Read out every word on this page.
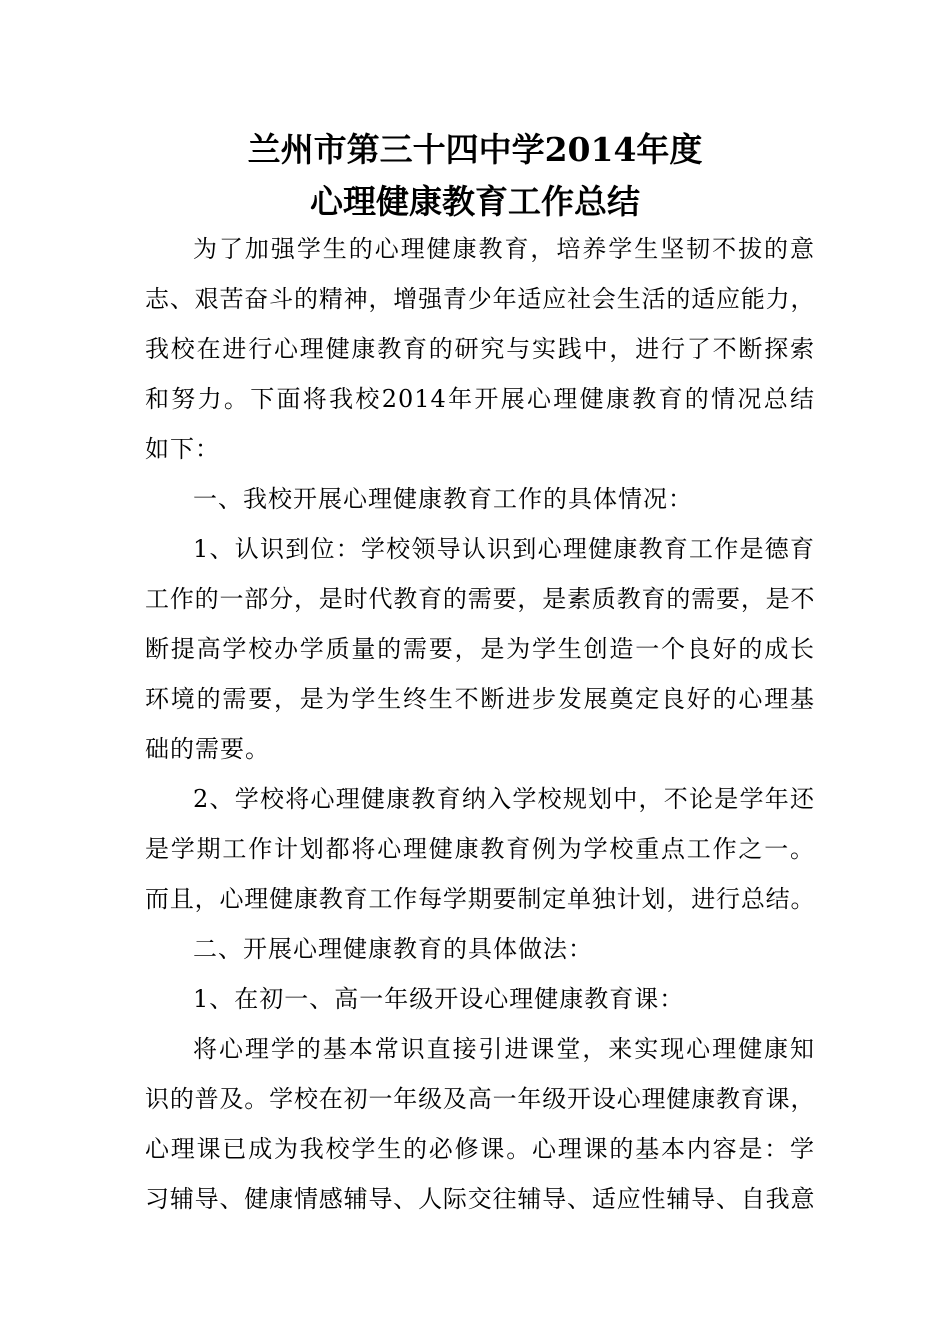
兰州市第三十四中学2014年度
心理健康教育工作总结

为了加强学生的心理健康教育，培养学生坚韧不拔的意

志、艰苦奋斗的精神，增强青少年适应社会生活的适应能力，

我校在进行心理健康教育的研究与实践中，进行了不断探索

和努力。下面将我校2014年开展心理健康教育的情况总结

如下：

一、我校开展心理健康教育工作的具体情况：

1、认识到位：学校领导认识到心理健康教育工作是德育

工作的一部分，是时代教育的需要，是素质教育的需要，是不

断提高学校办学质量的需要，是为学生创造一个良好的成长

环境的需要，是为学生终生不断进步发展奠定良好的心理基

础的需要。

2、学校将心理健康教育纳入学校规划中，不论是学年还

是学期工作计划都将心理健康教育例为学校重点工作之一。

而且，心理健康教育工作每学期要制定单独计划，进行总结。

二、开展心理健康教育的具体做法：

1、在初一、高一年级开设心理健康教育课：

将心理学的基本常识直接引进课堂，来实现心理健康知

识的普及。学校在初一年级及高一年级开设心理健康教育课，

心理课已成为我校学生的必修课。心理课的基本内容是：学

习辅导、健康情感辅导、人际交往辅导、适应性辅导、自我意
